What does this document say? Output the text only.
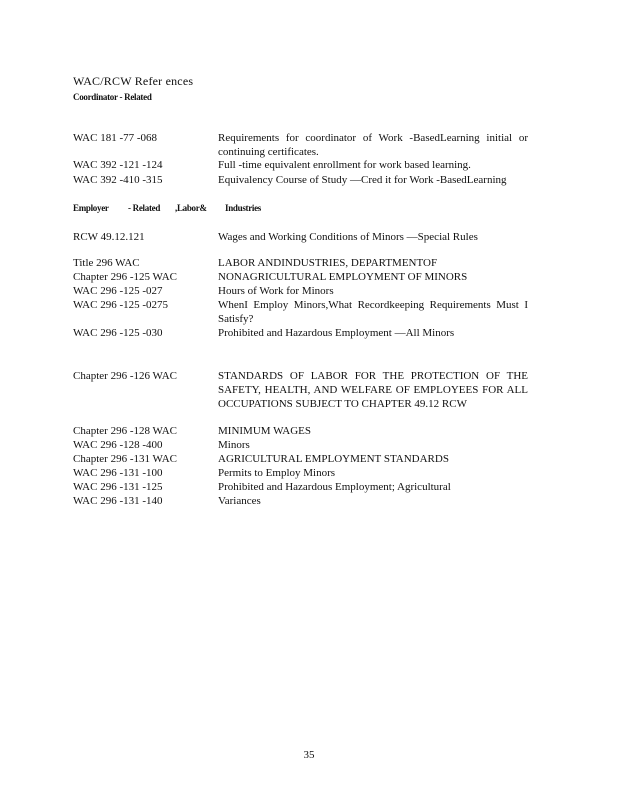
WAC/RCW Refer ences
Coordinator - Related
WAC 181 -77 -068	Requirements for coordinator of Work -BasedLearning initial or continuing certificates.
WAC 392 -121 -124	Full -time equivalent enrollment for work based learning.
WAC 392 -410 -315	Equivalency Course of Study —Cred it for Work -BasedLearning
Employer - Related ,Labor& Industries
RCW 49.12.121	Wages and Working Conditions of Minors —Special Rules
Title 296 WAC	LABOR ANDINDUSTRIES, DEPARTMENTOF
Chapter 296 -125 WAC	NONAGRICULTURAL EMPLOYMENT OF MINORS
WAC 296 -125 -027	Hours of Work for Minors
WAC 296 -125 -0275	WhenI Employ Minors,What Recordkeeping Requirements Must I Satisfy?
WAC 296 -125 -030	Prohibited and Hazardous Employment —All Minors
Chapter 296 -126 WAC	STANDARDS OF LABOR FOR THE PROTECTION OF THE SAFETY, HEALTH, AND WELFARE OF EMPLOYEES FOR ALL OCCUPATIONS SUBJECT TO CHAPTER 49.12 RCW
Chapter 296 -128 WAC	MINIMUM WAGES
WAC 296 -128 -400	Minors
Chapter 296 -131 WAC	AGRICULTURAL EMPLOYMENT STANDARDS
WAC 296 -131 -100	Permits to Employ Minors
WAC 296 -131 -125	Prohibited and Hazardous Employment; Agricultural
WAC 296 -131 -140	Variances
35
